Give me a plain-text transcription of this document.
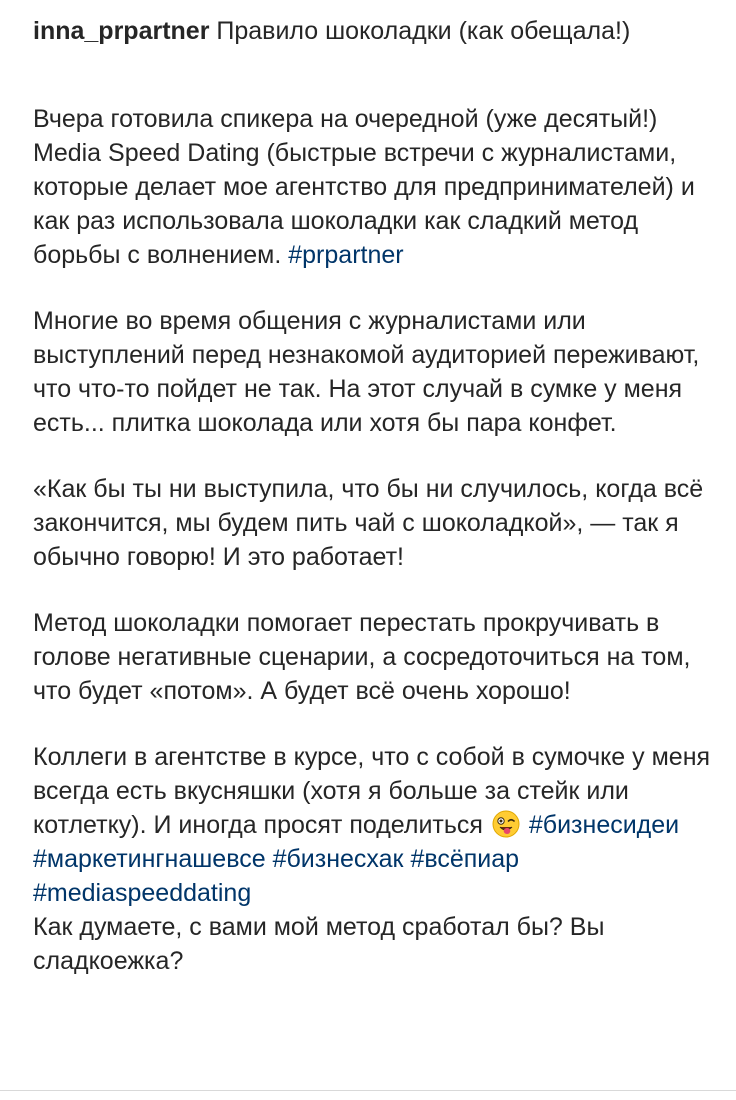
inna_prpartner Правило шоколадки (как обещала!)

Вчера готовила спикера на очередной (уже десятый!) Media Speed Dating (быстрые встречи с журналистами, которые делает мое агентство для предпринимателей) и как раз использовала шоколадки как сладкий метод борьбы с волнением. #prpartner

Многие во время общения с журналистами или выступлений перед незнакомой аудиторией переживают, что что-то пойдет не так. На этот случай в сумке у меня есть... плитка шоколада или хотя бы пара конфет.

«Как бы ты ни выступила, что бы ни случилось, когда всё закончится, мы будем пить чай с шоколадкой», — так я обычно говорю! И это работает!

Метод шоколадки помогает перестать прокручивать в голове негативные сценарии, а сосредоточиться на том, что будет «потом». А будет всё очень хорошо!

Коллеги в агентстве в курсе, что с собой в сумочке у меня всегда есть вкусняшки (хотя я больше за стейк или котлетку). И иногда просят поделиться #бизнесидеи #маркетингнашевсе #бизнесхак #всёпиар #mediaspeeddating

Как думаете, с вами мой метод сработал бы? Вы сладкоежка?
